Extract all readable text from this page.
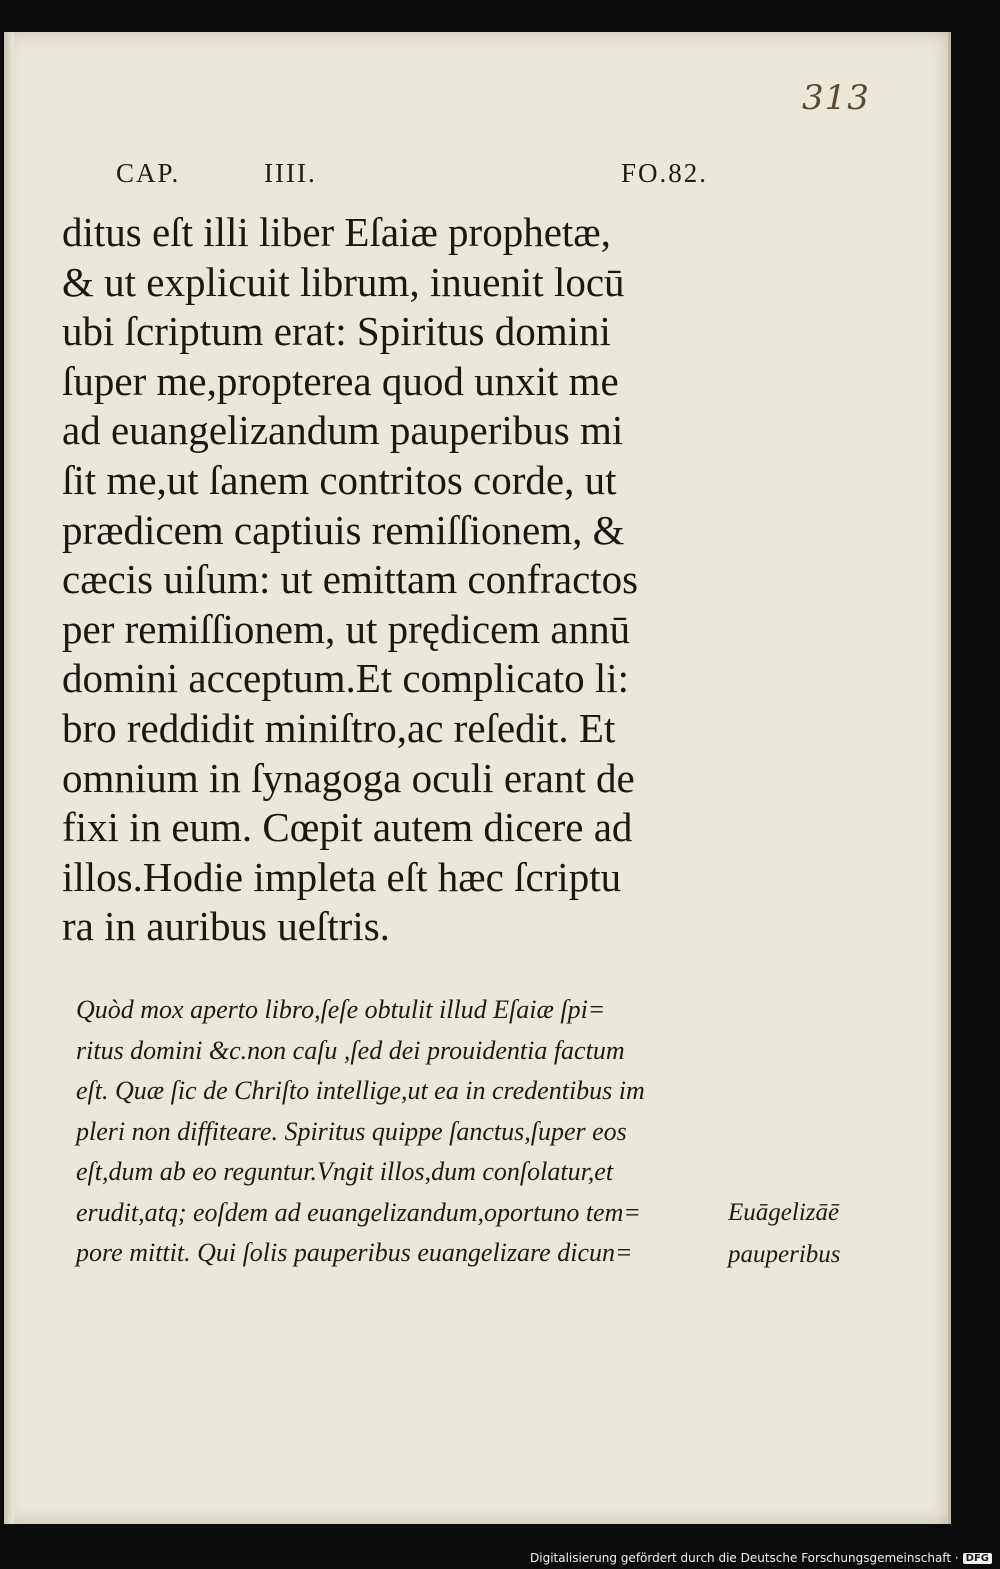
313
CAP.	IIII.	FO.82.
ditus eſt illi liber Eſaiæ prophetæ,
& ut explicuit librum, inuenit locū
ubi ſcriptum erat: Spiritus domini
ſuper me,propterea quod unxit me
ad euangelizandum pauperibus mi
ſit me,ut ſanem contritos corde, ut
prædicem captiuis remiſſionem, &
cæcis uiſum: ut emittam confractos
per remiſſionem, ut prędicem annū
domini acceptum.Et complicato li:
bro reddidit miniſtro,ac reſedit. Et
omnium in ſynagoga oculi erant de
fixi in eum. Cœpit autem dicere ad
illos.Hodie impleta eſt hæc ſcriptu
ra in auribus ueſtris.
Quòd mox aperto libro,ſeſe obtulit illud Eſaiæ ſpi=
ritus domini &c.non caſu ,ſed dei prouidentia factum
eſt. Quæ ſic de Chriſto intellige,ut ea in credentibus im
pleri non diffiteare. Spiritus quippe ſanctus,ſuper eos
eſt,dum ab eo reguntur.Vngit illos,dum conſolatur,et
erudit,atq; eoſdem ad euangelizandum,oportuno tem=
pore mittit. Qui ſolis pauperibus euangelizare dicun=
Euāgelizāē
pauperibus
Digitalisierung gefördert durch die Deutsche Forschungsgemeinschaft · DFG
